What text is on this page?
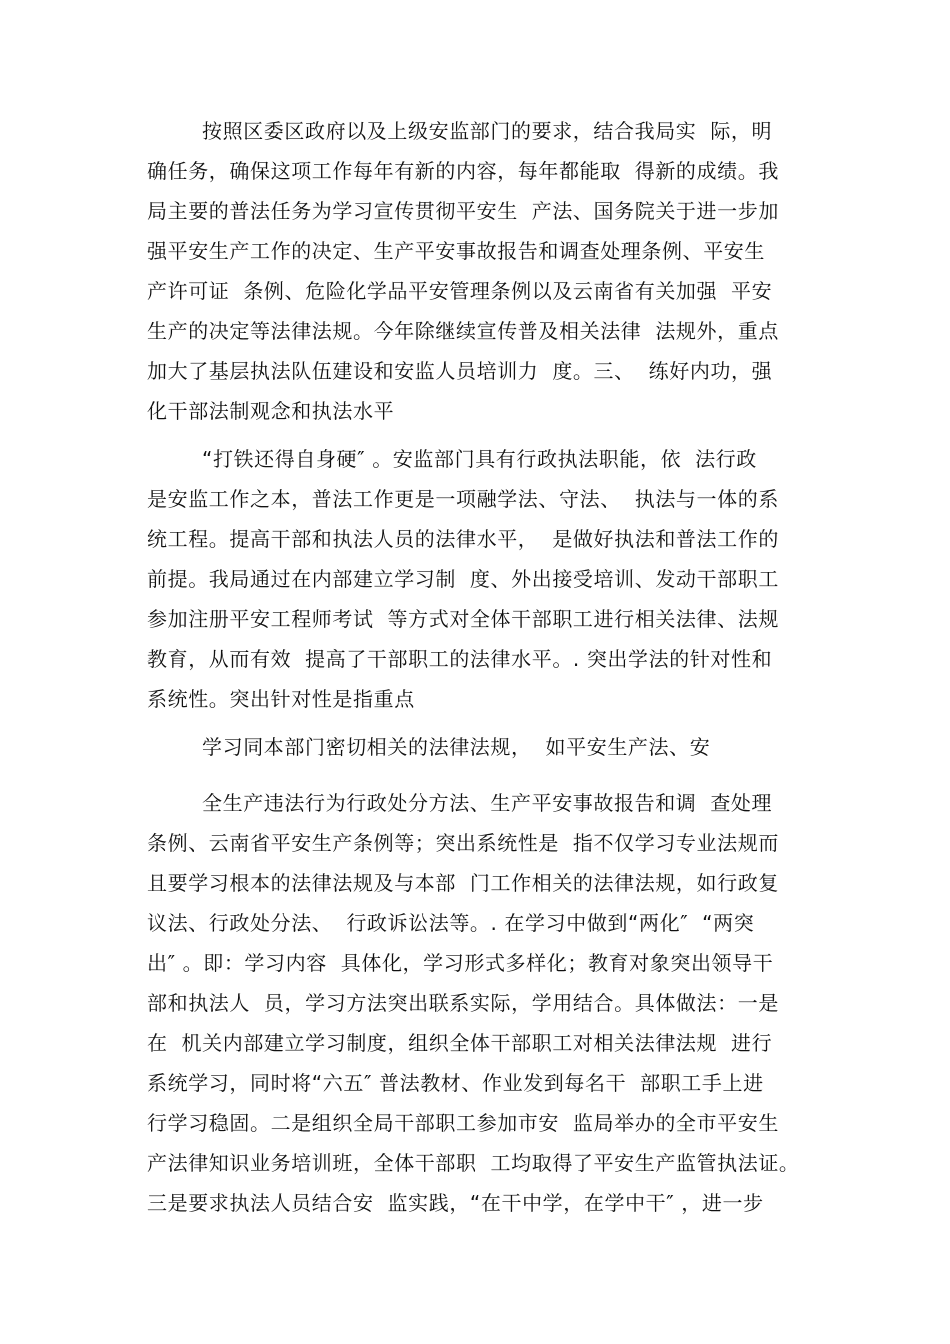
按照区委区政府以及上级安监部门的要求，结合我局实  际，明
确任务，确保这项工作每年有新的内容，每年都能取  得新的成绩。我
局主要的普法任务为学习宣传贯彻平安生  产法、国务院关于进一步加
强平安生产工作的决定、生产平安事故报告和调查处理条例、平安生
产许可证  条例、危险化学品平安管理条例以及云南省有关加强  平安
生产的决定等法律法规。今年除继续宣传普及相关法律  法规外，重点
加大了基层执法队伍建设和安监人员培训力  度。三、  练好内功，强
化干部法制观念和执法水平
“打铁还得自身硬″ 。安监部门具有行政执法职能，依  法行政
是安监工作之本，普法工作更是一项融学法、守法、  执法与一体的系
统工程。提高干部和执法人员的法律水平，  是做好执法和普法工作的
前提。我局通过在内部建立学习制  度、外出接受培训、发动干部职工
参加注册平安工程师考试  等方式对全体干部职工进行相关法律、法规
教育，从而有效  提高了干部职工的法律水平。. 突出学法的针对性和
系统性。突出针对性是指重点
学习同本部门密切相关的法律法规，  如平安生产法、安
全生产违法行为行政处分方法、生产平安事故报告和调  查处理
条例、云南省平安生产条例等；突出系统性是  指不仅学习专业法规而
且要学习根本的法律法规及与本部  门工作相关的法律法规，如行政复
议法、行政处分法、  行政诉讼法等。. 在学习中做到“两化″  “两突
出″ 。即：学习内容  具体化，学习形式多样化；教育对象突出领导干
部和执法人  员，学习方法突出联系实际，学用结合。具体做法：一是
在  机关内部建立学习制度，组织全体干部职工对相关法律法规  进行
系统学习，同时将“六五″ 普法教材、作业发到每名干  部职工手上进
行学习稳固。二是组织全局干部职工参加市安  监局举办的全市平安生
产法律知识业务培训班，全体干部职  工均取得了平安生产监管执法证。
三是要求执法人员结合安  监实践，“在干中学，在学中干″ ，进一步
